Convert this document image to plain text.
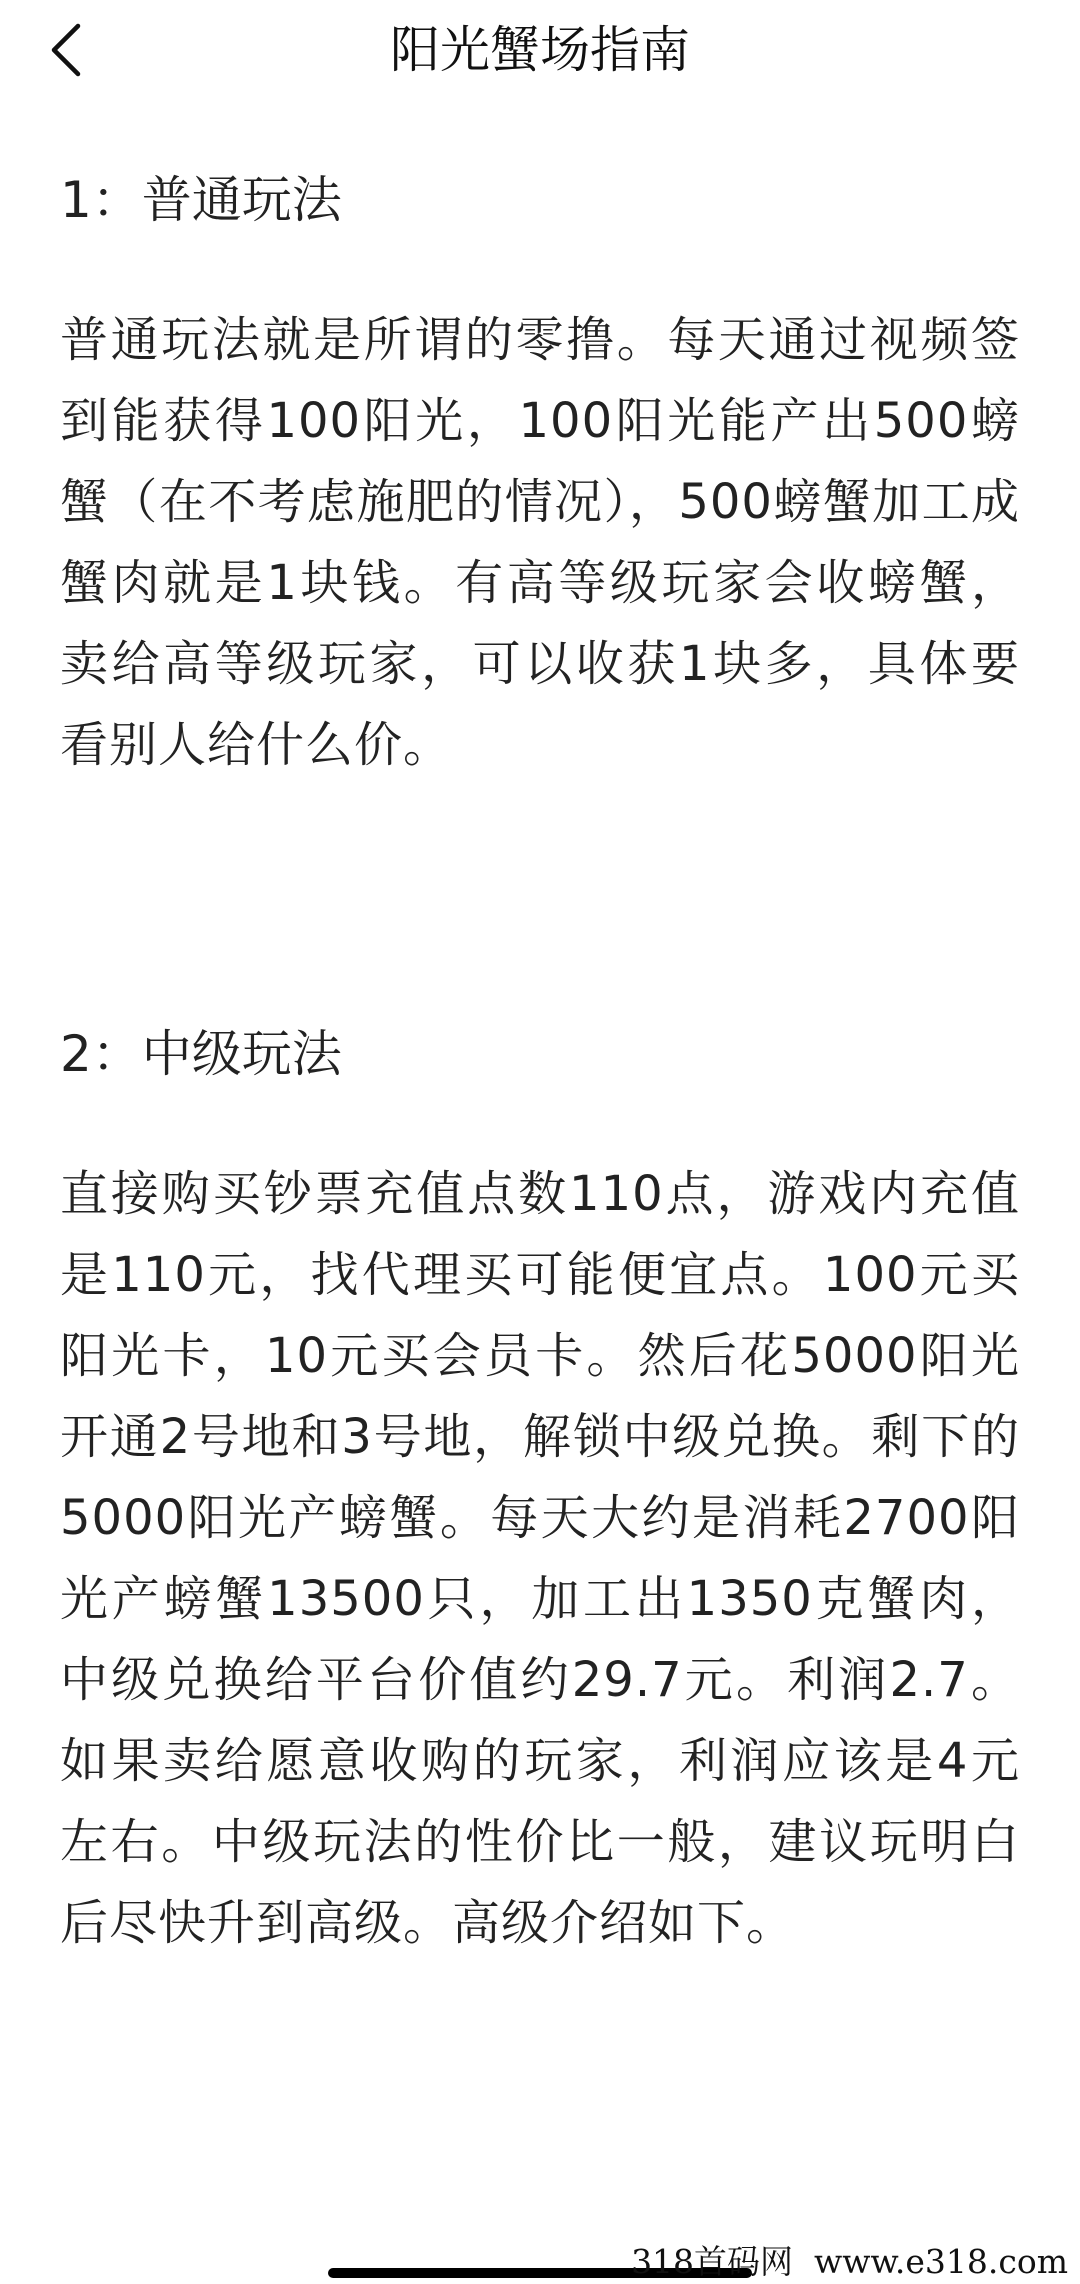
阳光蟹场指南

1：普通玩法

普通玩法就是所谓的零撸。每天通过视频签到能获得100阳光，100阳光能产出500螃蟹（在不考虑施肥的情况），500螃蟹加工成蟹肉就是1块钱。有高等级玩家会收螃蟹，卖给高等级玩家，可以收获1块多，具体要看别人给什么价。

2：中级玩法

直接购买钞票充值点数110点，游戏内充值是110元，找代理买可能便宜点。100元买阳光卡，10元买会员卡。然后花5000阳光开通2号地和3号地，解锁中级兑换。剩下的5000阳光产螃蟹。每天大约是消耗2700阳光产螃蟹13500只，加工出1350克蟹肉，中级兑换给平台价值约29.7元。利润2.7。如果卖给愿意收购的玩家，利润应该是4元左右。中级玩法的性价比一般，建议玩明白后尽快升到高级。高级介绍如下。

318首码网  www.e318.com
